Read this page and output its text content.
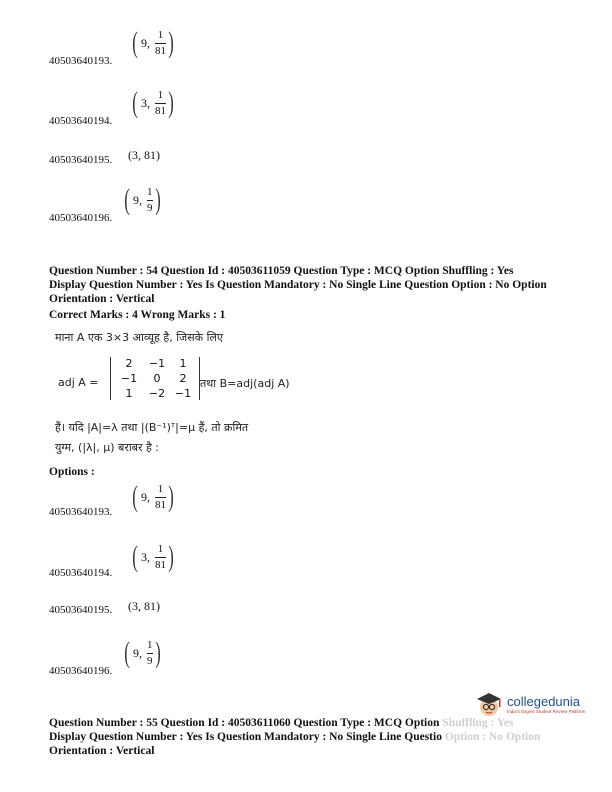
( 9, $\frac{1}{81}$ )
40503640193.
( 3, $\frac{1}{81}$ )
40503640194.
(3, 81)
40503640195.
( 9, $\frac{1}{9}$ )
40503640196.
Question Number : 54 Question Id : 40503611059 Question Type : MCQ Option Shuffling : Yes
Display Question Number : Yes Is Question Mandatory : No Single Line Question Option : No Option
Orientation : Vertical
Correct Marks : 4 Wrong Marks : 1
माना A एक 3×3 आव्यूह है, जिसके लिए
adj A =
2	−1	1
−1	0	2
1	−2 −1
तथा B=adj(adj A)
हैं। यदि |A|=λ तथा |(B⁻¹)ᵀ|=μ हैं, तो क्रमित
युग्म, (|λ|, μ) बराबर है :
Options :
( 9, $\frac{1}{81}$ )
40503640193.
( 3, $\frac{1}{81}$ )
40503640194.
(3, 81)
40503640195.
( 9, $\frac{1}{9}$ )
40503640196.
collegedunia
India's largest Student Review Platform
Question Number : 55 Question Id : 40503611060 Question Type : MCQ Option Shuffling : Yes
Display Question Number : Yes Is Question Mandatory : No Single Line Questio Option : No Option
Orientation : Vertical
